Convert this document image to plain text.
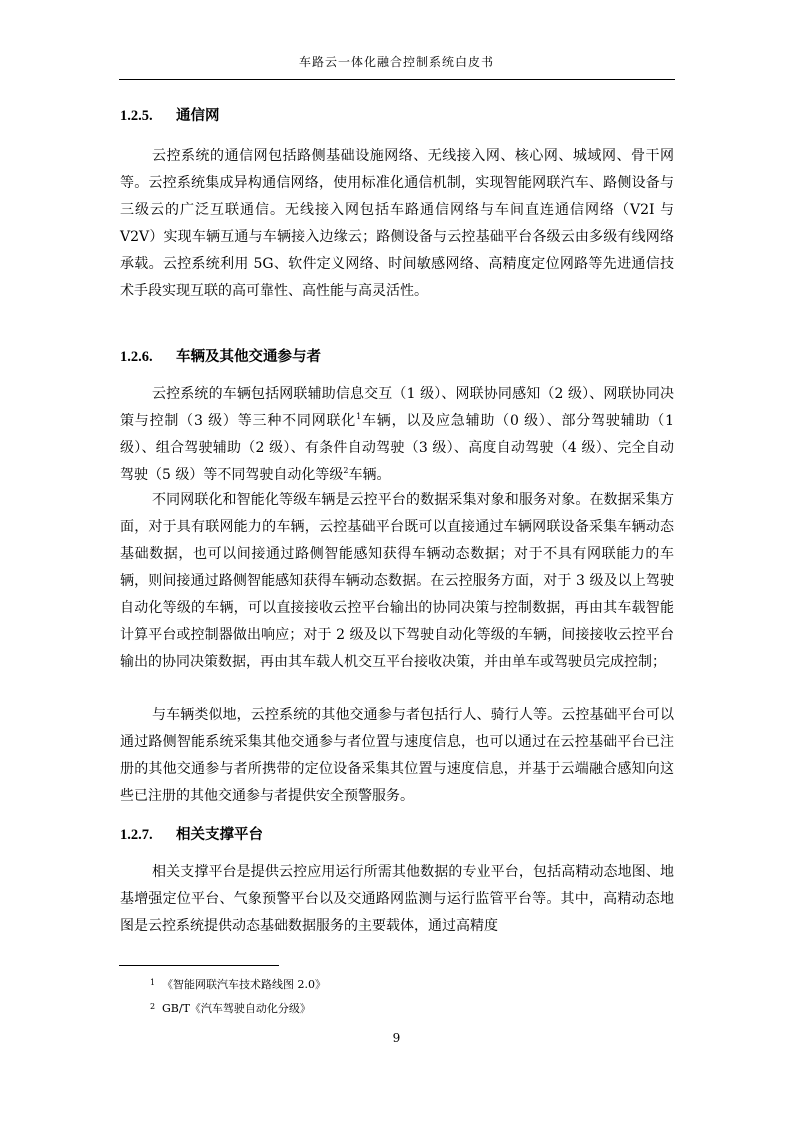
车路云一体化融合控制系统白皮书
1.2.5. 通信网

云控系统的通信网包括路侧基础设施网络、无线接入网、核心网、城域网、骨干网等。云控系统集成异构通信网络，使用标准化通信机制，实现智能网联汽车、路侧设备与三级云的广泛互联通信。无线接入网包括车路通信网络与车间直连通信网络（V2I 与 V2V）实现车辆互通与车辆接入边缘云；路侧设备与云控基础平台各级云由多级有线网络承载。云控系统利用 5G、软件定义网络、时间敏感网络、高精度定位网路等先进通信技术手段实现互联的高可靠性、高性能与高灵活性。

1.2.6. 车辆及其他交通参与者

云控系统的车辆包括网联辅助信息交互（1 级）、网联协同感知（2 级）、网联协同决策与控制（3 级）等三种不同网联化$^1$车辆，以及应急辅助（0 级）、部分驾驶辅助（1 级）、组合驾驶辅助（2 级）、有条件自动驾驶（3 级）、高度自动驾驶（4 级）、完全自动驾驶（5 级）等不同驾驶自动化等级$^2$车辆。

不同网联化和智能化等级车辆是云控平台的数据采集对象和服务对象。在数据采集方面，对于具有联网能力的车辆，云控基础平台既可以直接通过车辆网联设备采集车辆动态基础数据，也可以间接通过路侧智能感知获得车辆动态数据；对于不具有网联能力的车辆，则间接通过路侧智能感知获得车辆动态数据。在云控服务方面，对于 3 级及以上驾驶自动化等级的车辆，可以直接接收云控平台输出的协同决策与控制数据，再由其车载智能计算平台或控制器做出响应；对于 2 级及以下驾驶自动化等级的车辆，间接接收云控平台输出的协同决策数据，再由其车载人机交互平台接收决策，并由单车或驾驶员完成控制；

与车辆类似地，云控系统的其他交通参与者包括行人、骑行人等。云控基础平台可以通过路侧智能系统采集其他交通参与者位置与速度信息，也可以通过在云控基础平台已注册的其他交通参与者所携带的定位设备采集其位置与速度信息，并基于云端融合感知向这些已注册的其他交通参与者提供安全预警服务。

1.2.7. 相关支撑平台

相关支撑平台是提供云控应用运行所需其他数据的专业平台，包括高精动态地图、地基增强定位平台、气象预警平台以及交通路网监测与运行监管平台等。其中，高精动态地图是云控系统提供动态基础数据服务的主要载体，通过高精度

1 《智能网联汽车技术路线图 2.0》
2 GB/T《汽车驾驶自动化分级》
9
